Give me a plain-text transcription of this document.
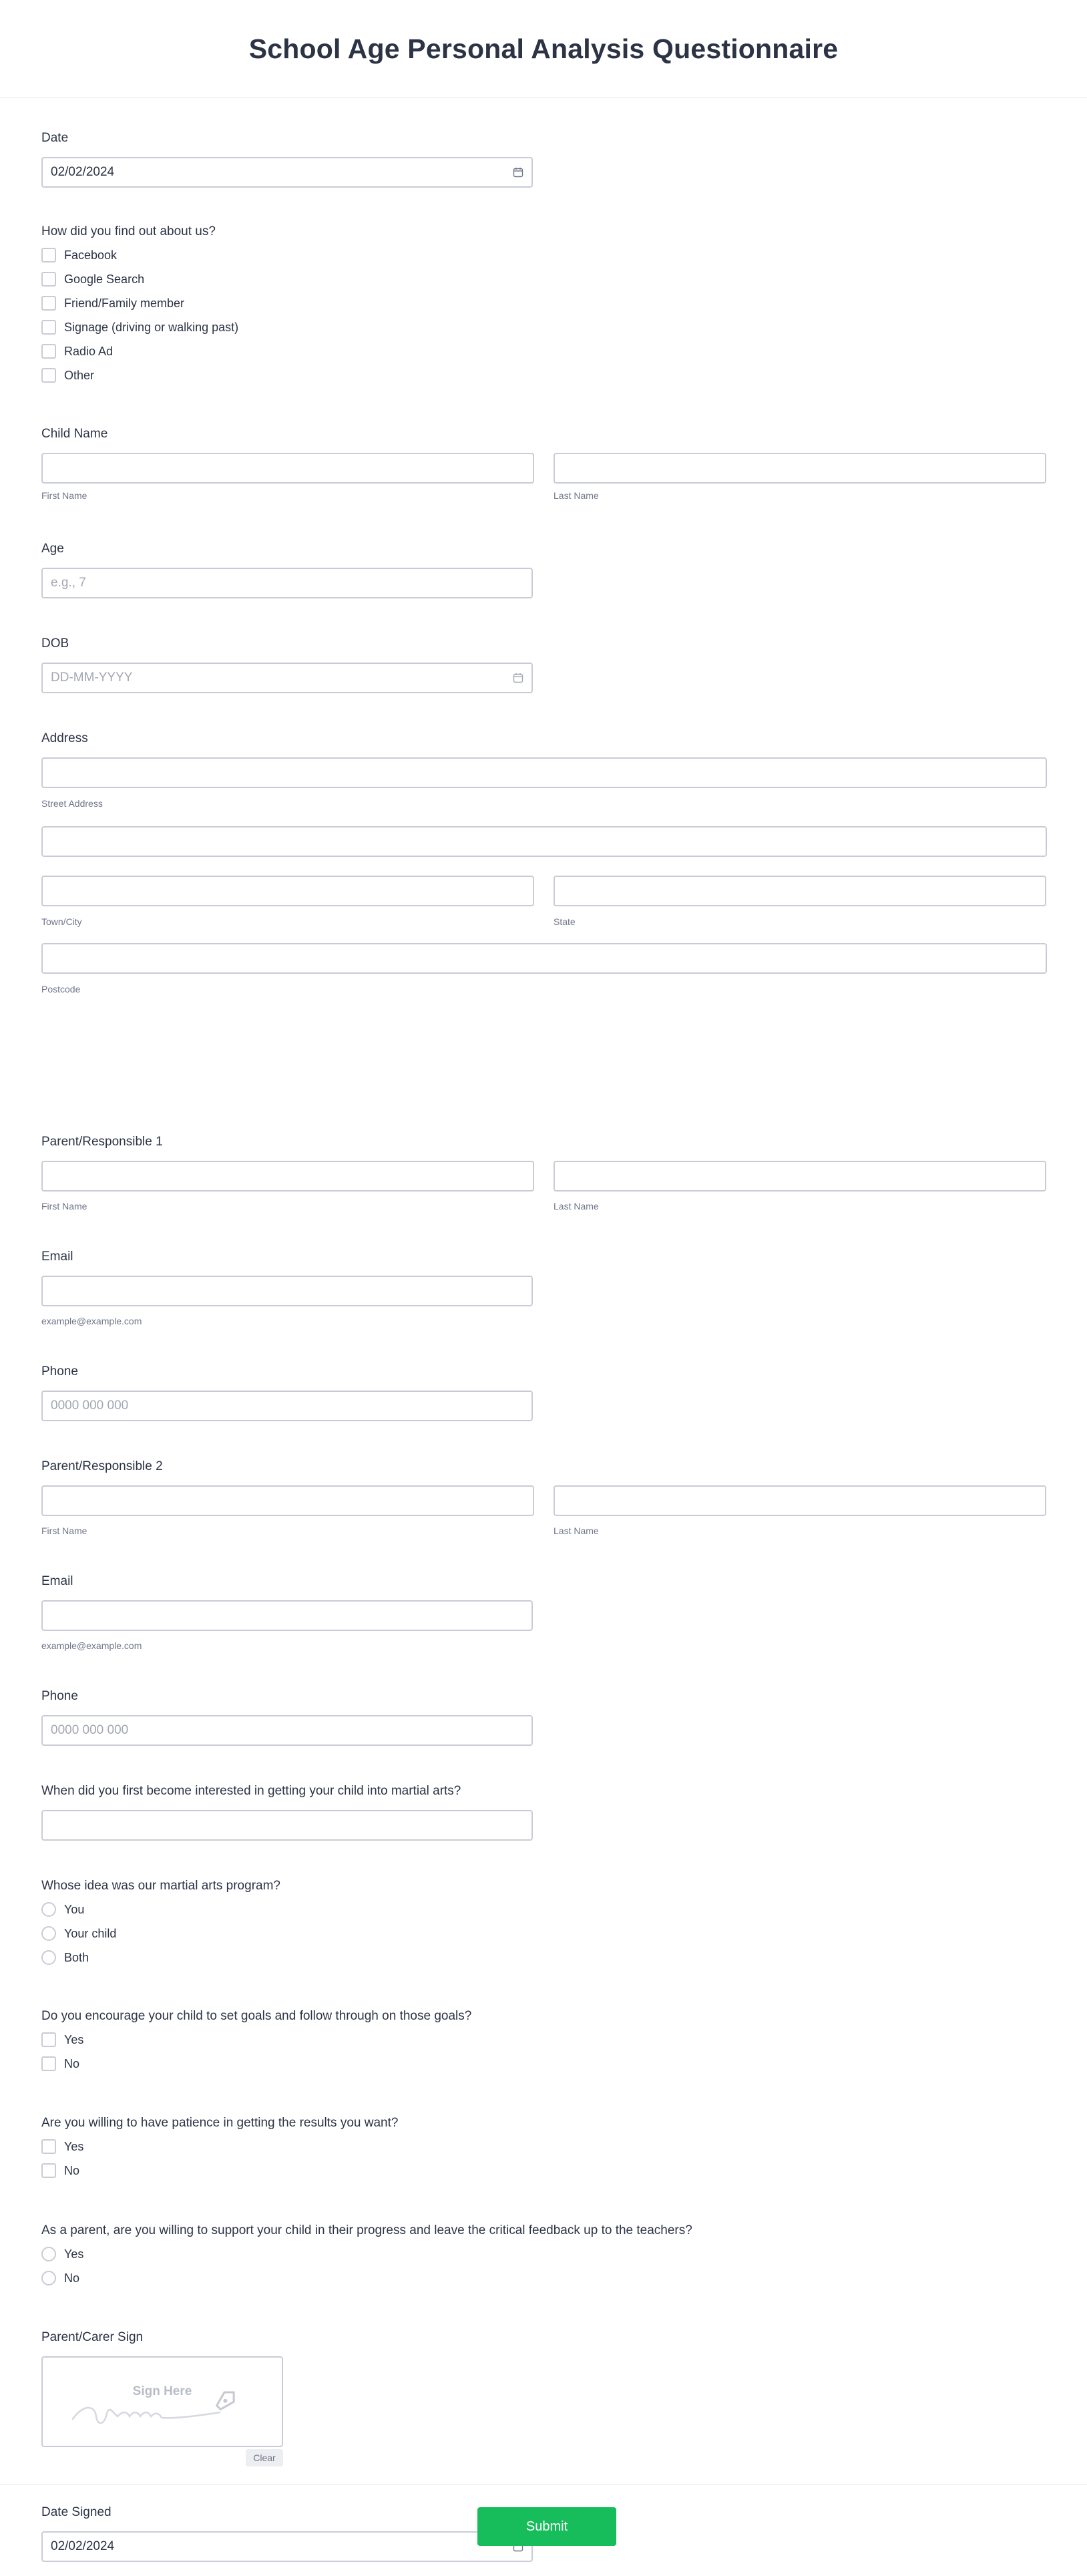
School Age Personal Analysis Questionnaire
Date
02/02/2024
How did you find out about us?
Facebook
Google Search
Friend/Family member
Signage (driving or walking past)
Radio Ad
Other
Child Name
First Name	Last Name
Age
e.g., 7
DOB
DD-MM-YYYY
Address
Street Address
Town/City	State
Postcode
Parent/Responsible 1
First Name	Last Name
Email
example@example.com
Phone
0000 000 000
Parent/Responsible 2
First Name	Last Name
Email
example@example.com
Phone
0000 000 000
When did you first become interested in getting your child into martial arts?
Whose idea was our martial arts program?
You
Your child
Both
Do you encourage your child to set goals and follow through on those goals?
Yes
No
Are you willing to have patience in getting the results you want?
Yes
No
As a parent, are you willing to support your child in their progress and leave the critical feedback up to the teachers?
Yes
No
Parent/Carer Sign
Sign Here
Clear
Date Signed
02/02/2024
Submit
